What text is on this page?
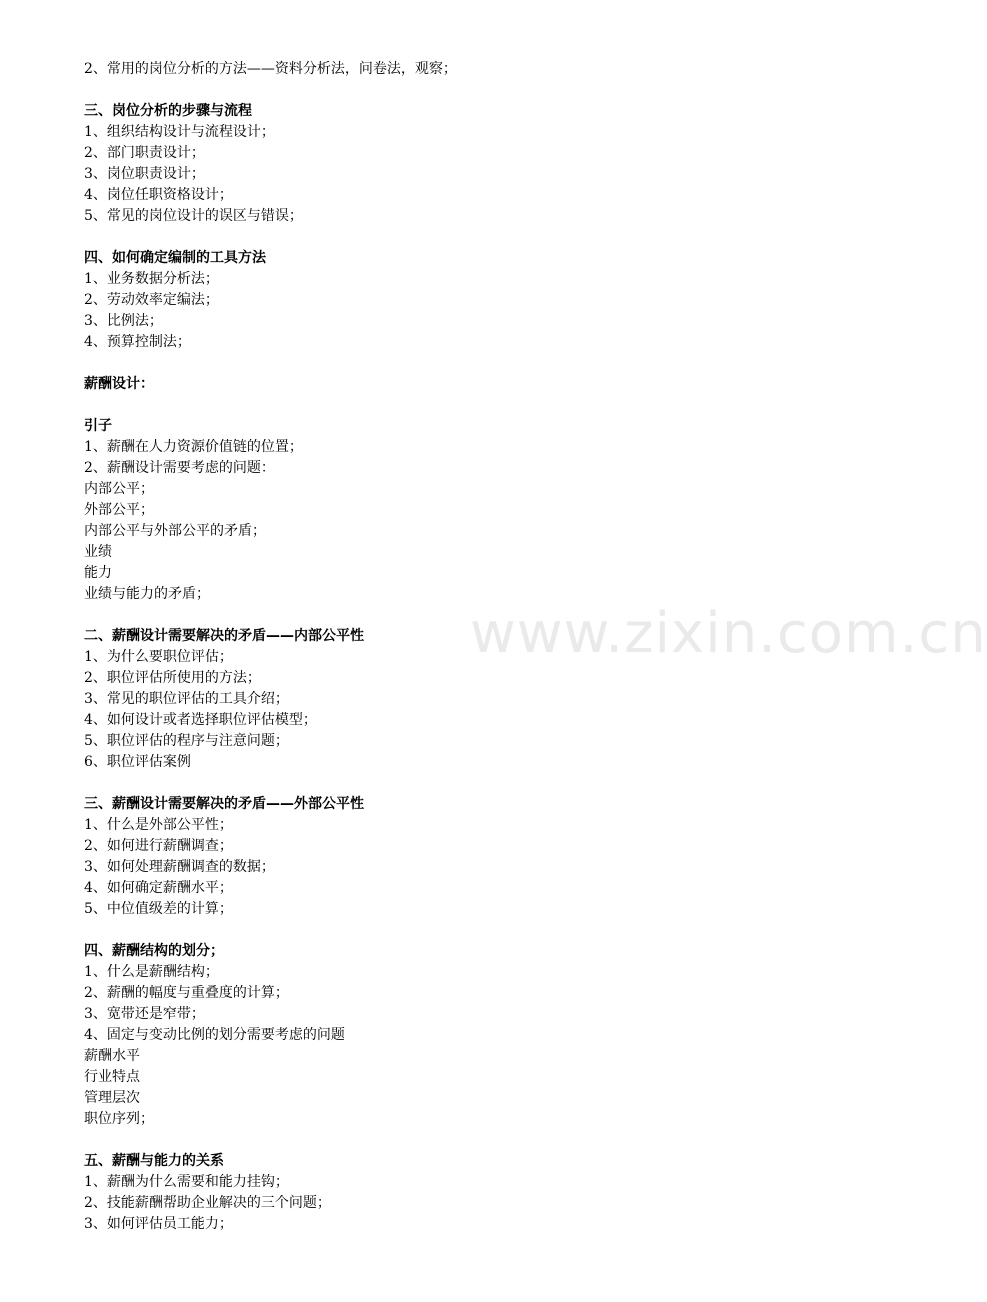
2、常用的岗位分析的方法——资料分析法，问卷法，观察；
三、岗位分析的步骤与流程
1、组织结构设计与流程设计；
2、部门职责设计；
3、岗位职责设计；
4、岗位任职资格设计；
5、常见的岗位设计的误区与错误；
四、如何确定编制的工具方法
1、业务数据分析法；
2、劳动效率定编法；
3、比例法；
4、预算控制法；
薪酬设计：
引子
1、薪酬在人力资源价值链的位置；
2、薪酬设计需要考虑的问题：
内部公平；
外部公平；
内部公平与外部公平的矛盾；
业绩
能力
业绩与能力的矛盾；
二、薪酬设计需要解决的矛盾——内部公平性
1、为什么要职位评估；
2、职位评估所使用的方法；
3、常见的职位评估的工具介绍；
4、如何设计或者选择职位评估模型；
5、职位评估的程序与注意问题；
6、职位评估案例
三、薪酬设计需要解决的矛盾——外部公平性
1、什么是外部公平性；
2、如何进行薪酬调查；
3、如何处理薪酬调查的数据；
4、如何确定薪酬水平；
5、中位值级差的计算；
四、薪酬结构的划分；
1、什么是薪酬结构；
2、薪酬的幅度与重叠度的计算；
3、宽带还是窄带；
4、固定与变动比例的划分需要考虑的问题
薪酬水平
行业特点
管理层次
职位序列；
五、薪酬与能力的关系
1、薪酬为什么需要和能力挂钩；
2、技能薪酬帮助企业解决的三个问题；
3、如何评估员工能力；
www.zixin.com.cn
